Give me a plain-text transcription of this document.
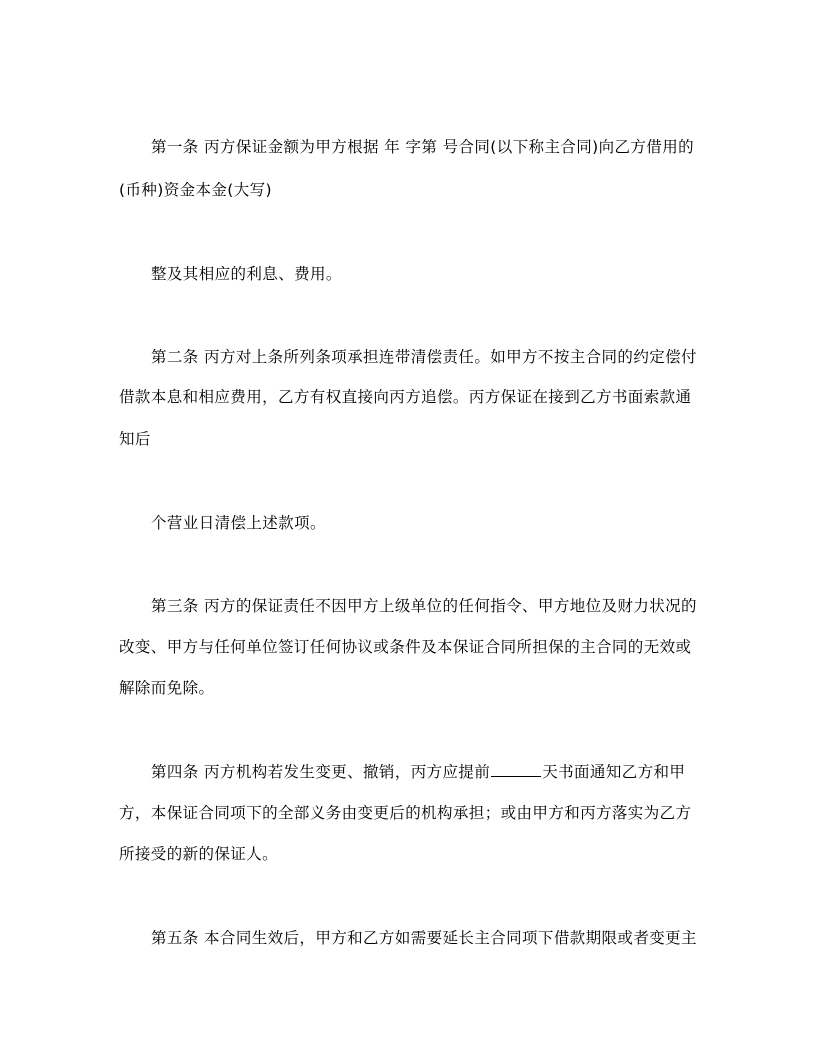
第一条 丙方保证金额为甲方根据 年 字第 号合同(以下称主合同)向乙方借用的
(币种)资金本金(大写)
整及其相应的利息、费用。
第二条 丙方对上条所列条项承担连带清偿责任。如甲方不按主合同的约定偿付
借款本息和相应费用，乙方有权直接向丙方追偿。丙方保证在接到乙方书面索款通
知后
个营业日清偿上述款项。
第三条 丙方的保证责任不因甲方上级单位的任何指令、甲方地位及财力状况的
改变、甲方与任何单位签订任何协议或条件及本保证合同所担保的主合同的无效或
解除而免除。
第四条 丙方机构若发生变更、撤销，丙方应提前	天书面通知乙方和甲
方，本保证合同项下的全部义务由变更后的机构承担；或由甲方和丙方落实为乙方
所接受的新的保证人。
第五条 本合同生效后，甲方和乙方如需要延长主合同项下借款期限或者变更主
